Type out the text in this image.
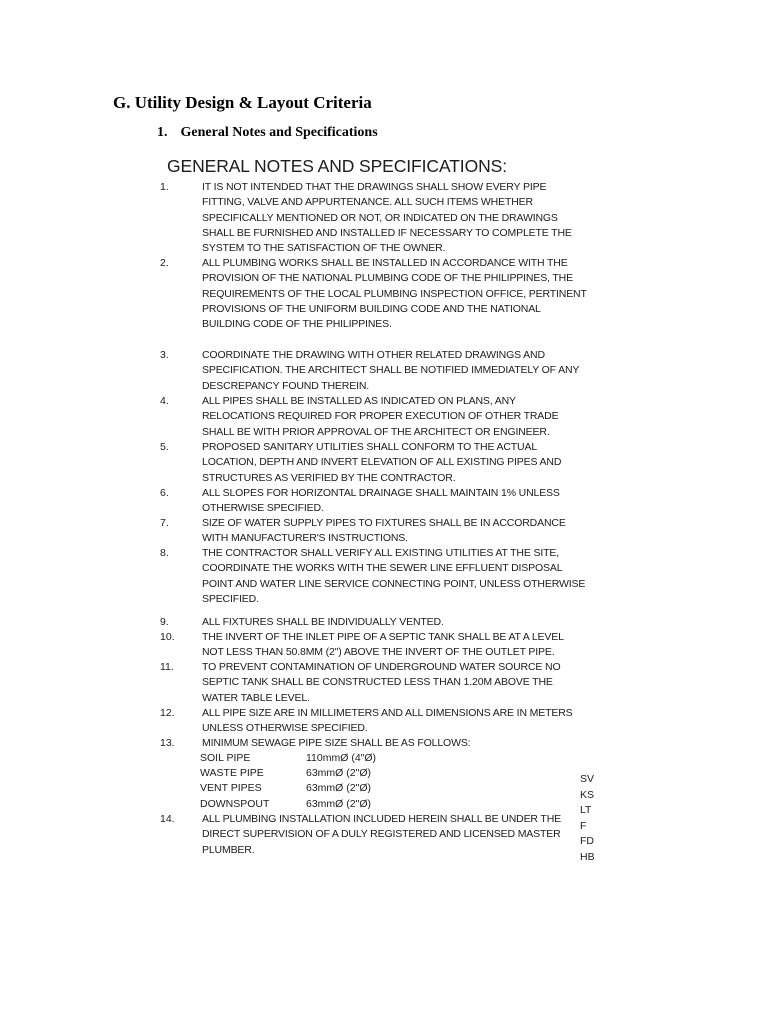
G. Utility Design & Layout Criteria
1. General Notes and Specifications
GENERAL NOTES AND SPECIFICATIONS:
1.	IT IS NOT INTENDED THAT THE DRAWINGS SHALL SHOW EVERY PIPE
FITTING, VALVE AND APPURTENANCE. ALL SUCH ITEMS WHETHER
SPECIFICALLY MENTIONED OR NOT, OR INDICATED ON THE DRAWINGS
SHALL BE FURNISHED AND INSTALLED IF NECESSARY TO COMPLETE THE
SYSTEM TO THE SATISFACTION OF THE OWNER.
2.	ALL PLUMBING WORKS SHALL BE INSTALLED IN ACCORDANCE WITH THE
PROVISION OF THE NATIONAL PLUMBING CODE OF THE PHILIPPINES, THE
REQUIREMENTS OF THE LOCAL PLUMBING INSPECTION OFFICE, PERTINENT
PROVISIONS OF THE UNIFORM BUILDING CODE AND THE NATIONAL
BUILDING CODE OF THE PHILIPPINES.
3.	COORDINATE THE DRAWING WITH OTHER RELATED DRAWINGS AND
SPECIFICATION. THE ARCHITECT SHALL BE NOTIFIED IMMEDIATELY OF ANY
DESCREPANCY FOUND THEREIN.
4.	ALL PIPES SHALL BE INSTALLED AS INDICATED ON PLANS, ANY
RELOCATIONS REQUIRED FOR PROPER EXECUTION OF OTHER TRADE
SHALL BE WITH PRIOR APPROVAL OF THE ARCHITECT OR ENGINEER.
5.	PROPOSED SANITARY UTILITIES SHALL CONFORM TO THE ACTUAL
LOCATION, DEPTH AND INVERT ELEVATION OF ALL EXISTING PIPES AND
STRUCTURES AS VERIFIED BY THE CONTRACTOR.
6.	ALL SLOPES FOR HORIZONTAL DRAINAGE SHALL MAINTAIN 1% UNLESS
OTHERWISE SPECIFIED.
7.	SIZE OF WATER SUPPLY PIPES TO FIXTURES SHALL BE IN ACCORDANCE
WITH MANUFACTURER'S INSTRUCTIONS.
8.	THE CONTRACTOR SHALL VERIFY ALL EXISTING UTILITIES AT THE SITE,
COORDINATE THE WORKS WITH THE SEWER LINE EFFLUENT DISPOSAL
POINT AND WATER LINE SERVICE CONNECTING POINT, UNLESS OTHERWISE
SPECIFIED.
9.	ALL FIXTURES SHALL BE INDIVIDUALLY VENTED.
10.	THE INVERT OF THE INLET PIPE OF A SEPTIC TANK SHALL BE AT A LEVEL
NOT LESS THAN 50.8MM (2") ABOVE THE INVERT OF THE OUTLET PIPE.
11.	TO PREVENT CONTAMINATION OF UNDERGROUND WATER SOURCE NO
SEPTIC TANK SHALL BE CONSTRUCTED LESS THAN 1.20M ABOVE THE
WATER TABLE LEVEL.
12.	ALL PIPE SIZE ARE IN MILLIMETERS AND ALL DIMENSIONS ARE IN METERS
UNLESS OTHERWISE SPECIFIED.
13.	MINIMUM SEWAGE PIPE SIZE SHALL BE AS FOLLOWS:
SOIL PIPE	110mmØ (4"Ø)
WASTE PIPE	63mmØ (2"Ø)
VENT PIPES	63mmØ (2"Ø)
DOWNSPOUT	63mmØ (2"Ø)
14.	ALL PLUMBING INSTALLATION INCLUDED HEREIN SHALL BE UNDER THE
DIRECT SUPERVISION OF A DULY REGISTERED AND LICENSED MASTER
PLUMBER.
SV
KS
LT
F
FD
HB
